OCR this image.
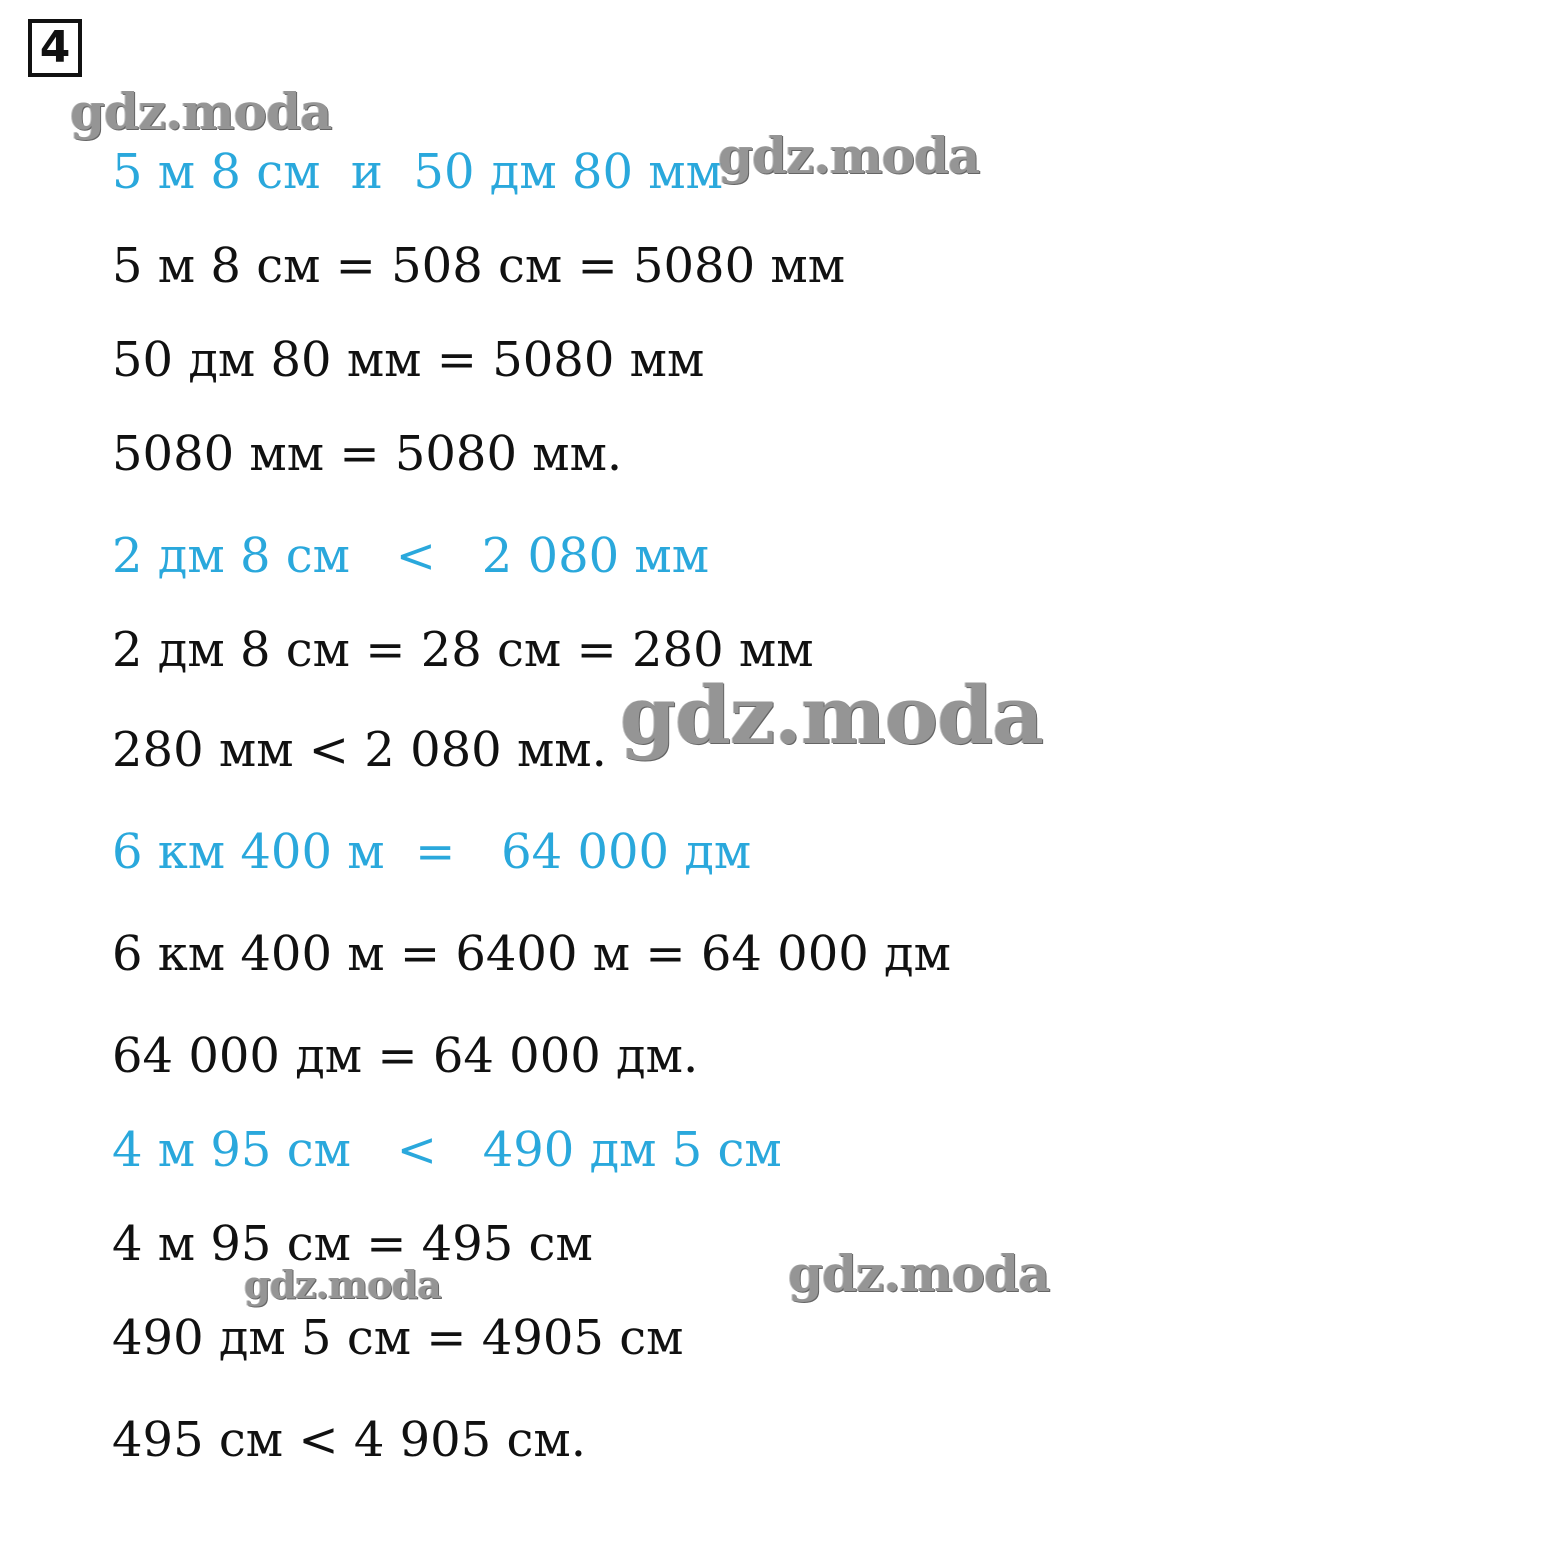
4

5 м 8 см  и  50 дм 80 мм

5 м 8 см = 508 см = 5080 мм

50 дм 80 мм = 5080 мм

5080 мм = 5080 мм.

2 дм 8 см   <   2 080 мм

2 дм 8 см = 28 см = 280 мм

280 мм < 2 080 мм.

6 км 400 м  =   64 000 дм

6 км 400 м = 6400 м = 64 000 дм

64 000 дм = 64 000 дм.

4 м 95 см   <   490 дм 5 см

4 м 95 см = 495 см

490 дм 5 см = 4905 см

495 см < 4 905 см.

gdz.moda
gdz.moda
gdz.moda
gdz.moda	gdz.moda
